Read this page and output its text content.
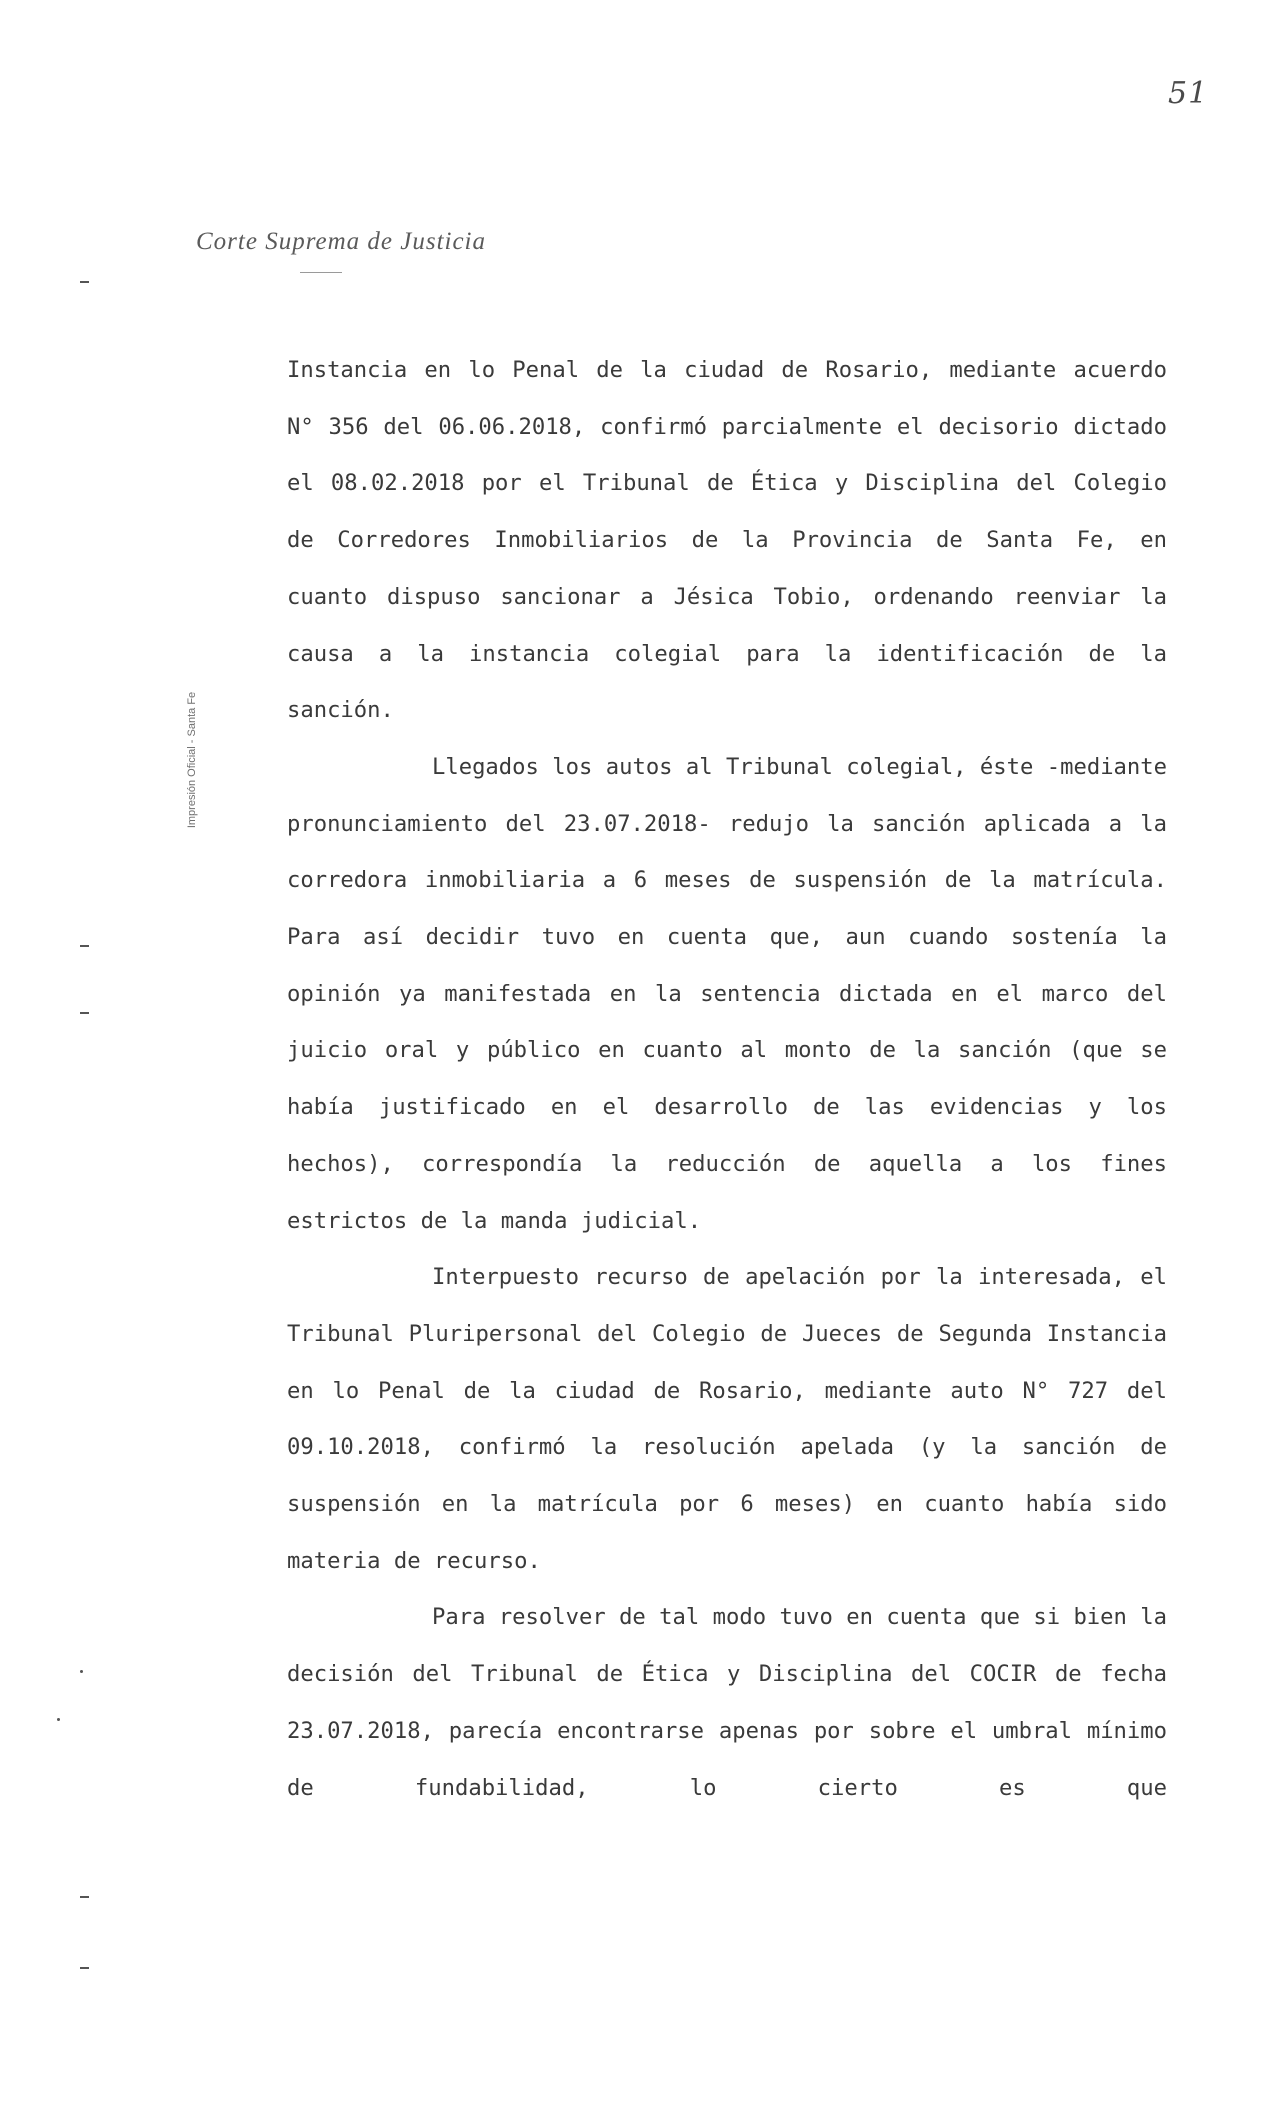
51
Corte Suprema de Justicia
Impresión Oficial - Santa Fe

Instancia en lo Penal de la ciudad de Rosario, mediante acuerdo N° 356 del 06.06.2018, confirmó parcialmente el decisorio dictado el 08.02.2018 por el Tribunal de Ética y Disciplina del Colegio de Corredores Inmobiliarios de la Provincia de Santa Fe, en cuanto dispuso sancionar a Jésica Tobio, ordenando reenviar la causa a la instancia colegial para la identificación de la sanción.

Llegados los autos al Tribunal colegial, éste -mediante pronunciamiento del 23.07.2018- redujo la sanción aplicada a la corredora inmobiliaria a 6 meses de suspensión de la matrícula. Para así decidir tuvo en cuenta que, aun cuando sostenía la opinión ya manifestada en la sentencia dictada en el marco del juicio oral y público en cuanto al monto de la sanción (que se había justificado en el desarrollo de las evidencias y los hechos), correspondía la reducción de aquella a los fines estrictos de la manda judicial.

Interpuesto recurso de apelación por la interesada, el Tribunal Pluripersonal del Colegio de Jueces de Segunda Instancia en lo Penal de la ciudad de Rosario, mediante auto N° 727 del 09.10.2018, confirmó la resolución apelada (y la sanción de suspensión en la matrícula por 6 meses) en cuanto había sido materia de recurso.

Para resolver de tal modo tuvo en cuenta que si bien la decisión del Tribunal de Ética y Disciplina del COCIR de fecha 23.07.2018, parecía encontrarse apenas por sobre el umbral mínimo de fundabilidad, lo cierto es que
